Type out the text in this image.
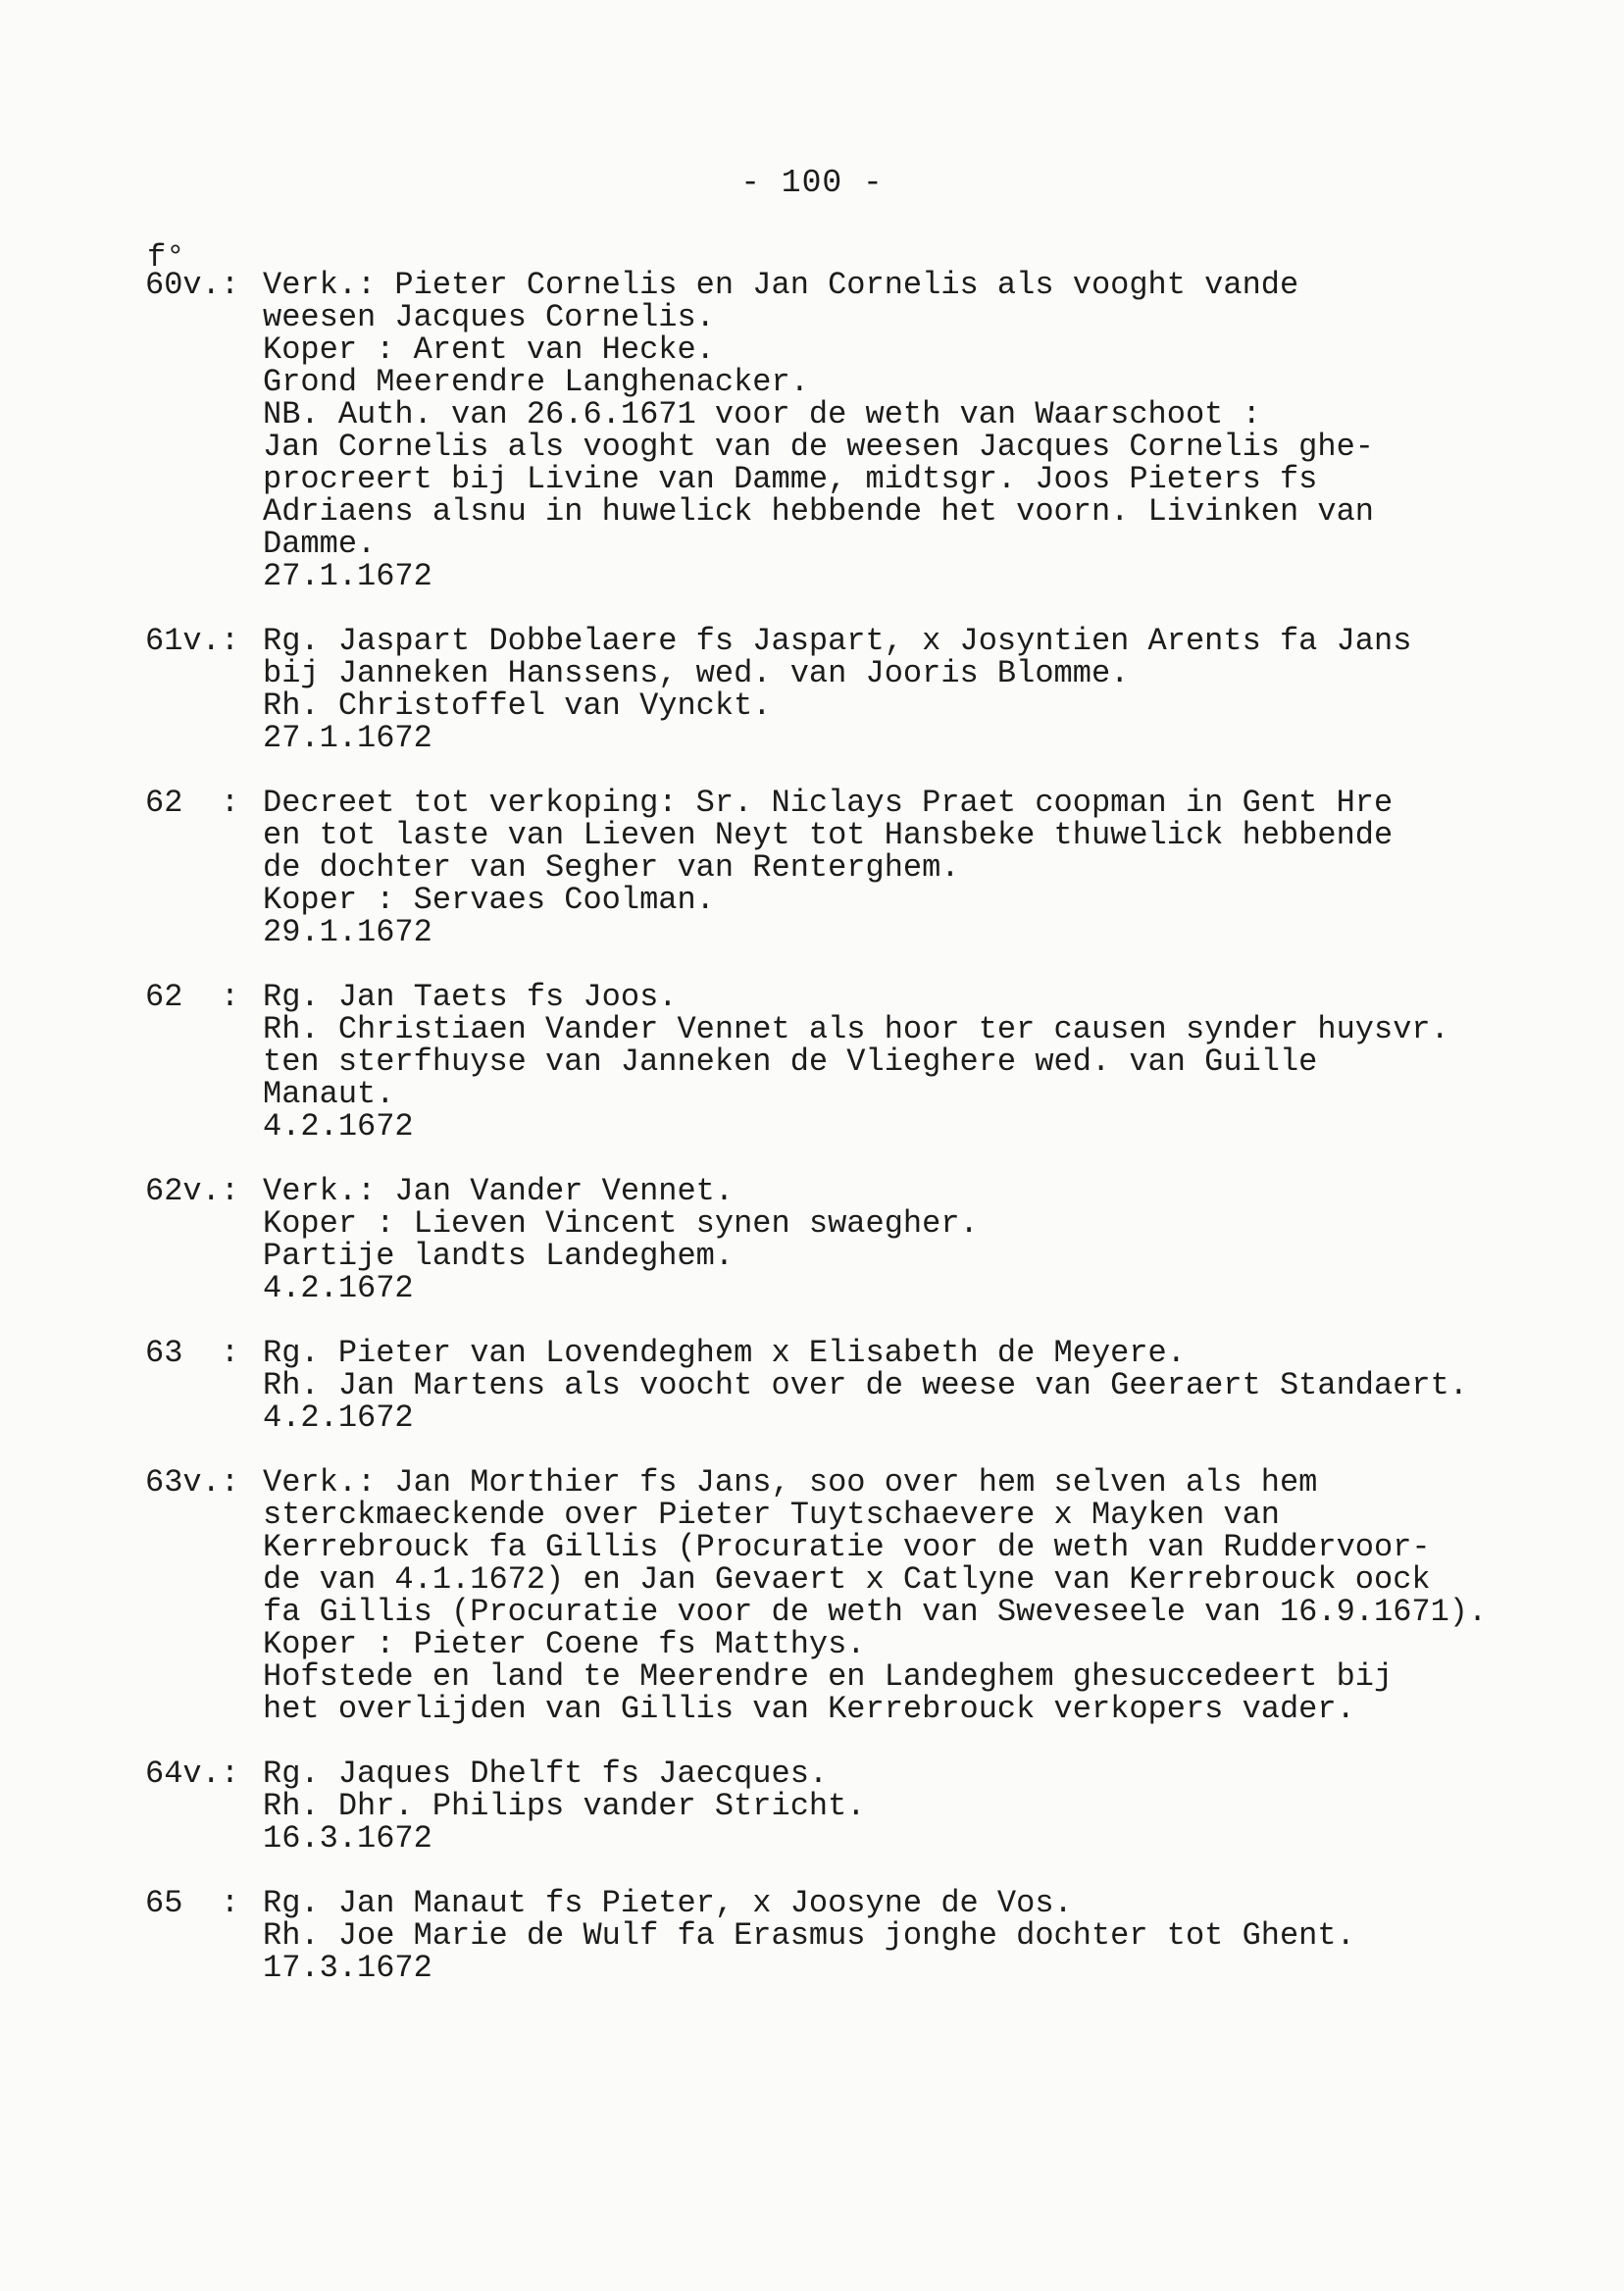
- 100 -
f°
60v.: Verk.: Pieter Cornelis en Jan Cornelis als vooght vande
weesen Jacques Cornelis.
Koper : Arent van Hecke.
Grond Meerendre Langhenacker.
NB. Auth. van 26.6.1671 voor de weth van Waarschoot :
Jan Cornelis als vooght van de weesen Jacques Cornelis ghe-
procreert bij Livine van Damme, midtsgr. Joos Pieters fs
Adriaens alsnu in huwelick hebbende het voorn. Livinken van
Damme.
27.1.1672
61v.: Rg. Jaspart Dobbelaere fs Jaspart, x Josyntien Arents fa Jans
bij Janneken Hanssens, wed. van Jooris Blomme.
Rh. Christoffel van Vynckt.
27.1.1672
62  : Decreet tot verkoping: Sr. Niclays Praet coopman in Gent Hre
en tot laste van Lieven Neyt tot Hansbeke thuwelick hebbende
de dochter van Segher van Renterghem.
Koper : Servaes Coolman.
29.1.1672
62  : Rg. Jan Taets fs Joos.
Rh. Christiaen Vander Vennet als hoor ter causen synder huysvr.
ten sterfhuyse van Janneken de Vlieghere wed. van Guille
Manaut.
4.2.1672
62v.: Verk.: Jan Vander Vennet.
Koper : Lieven Vincent synen swaegher.
Partije landts Landeghem.
4.2.1672
63  : Rg. Pieter van Lovendeghem x Elisabeth de Meyere.
Rh. Jan Martens als voocht over de weese van Geeraert Standaert.
4.2.1672
63v.: Verk.: Jan Morthier fs Jans, soo over hem selven als hem
sterckmaeckende over Pieter Tuytschaevere x Mayken van
Kerrebrouck fa Gillis (Procuratie voor de weth van Ruddervoor-
de van 4.1.1672) en Jan Gevaert x Catlyne van Kerrebrouck oock
fa Gillis (Procuratie voor de weth van Sweveseele van 16.9.1671).
Koper : Pieter Coene fs Matthys.
Hofstede en land te Meerendre en Landeghem ghesuccedeert bij
het overlijden van Gillis van Kerrebrouck verkopers vader.
64v.: Rg. Jaques Dhelft fs Jaecques.
Rh. Dhr. Philips vander Stricht.
16.3.1672
65  : Rg. Jan Manaut fs Pieter, x Joosyne de Vos.
Rh. Joe Marie de Wulf fa Erasmus jonghe dochter tot Ghent.
17.3.1672
